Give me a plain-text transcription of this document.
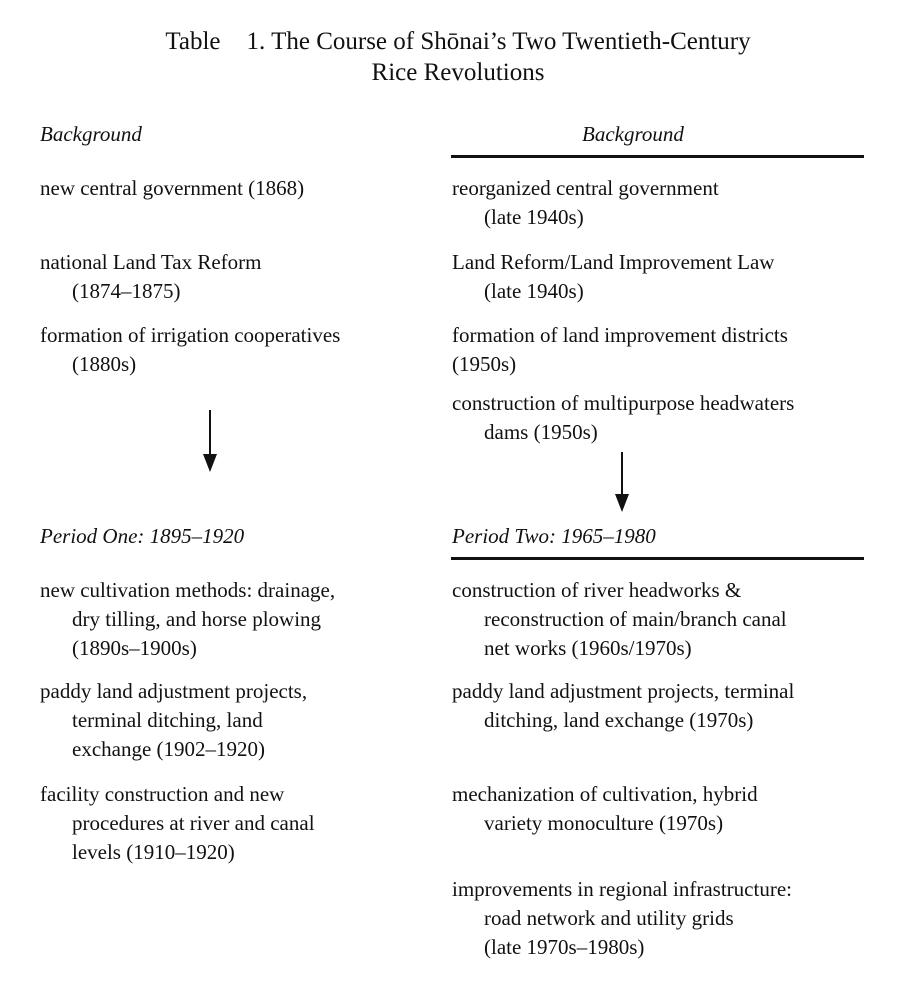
Table 1. The Course of Shōnai’s Two Twentieth-Century
Rice Revolutions
Background	Background
new central government (1868)
national Land Tax Reform
(1874–1875)
formation of irrigation cooperatives
(1880s)
reorganized central government
(late 1940s)
Land Reform/Land Improvement Law
(late 1940s)
formation of land improvement districts
(1950s)
construction of multipurpose headwaters
dams (1950s)
Period One: 1895–1920	Period Two: 1965–1980
new cultivation methods: drainage,
dry tilling, and horse plowing
(1890s–1900s)
paddy land adjustment projects,
terminal ditching, land
exchange (1902–1920)
facility construction and new
procedures at river and canal
levels (1910–1920)
construction of river headworks &
reconstruction of main/branch canal
net works (1960s/1970s)
paddy land adjustment projects, terminal
ditching, land exchange (1970s)
mechanization of cultivation, hybrid
variety monoculture (1970s)
improvements in regional infrastructure:
road network and utility grids
(late 1970s–1980s)
